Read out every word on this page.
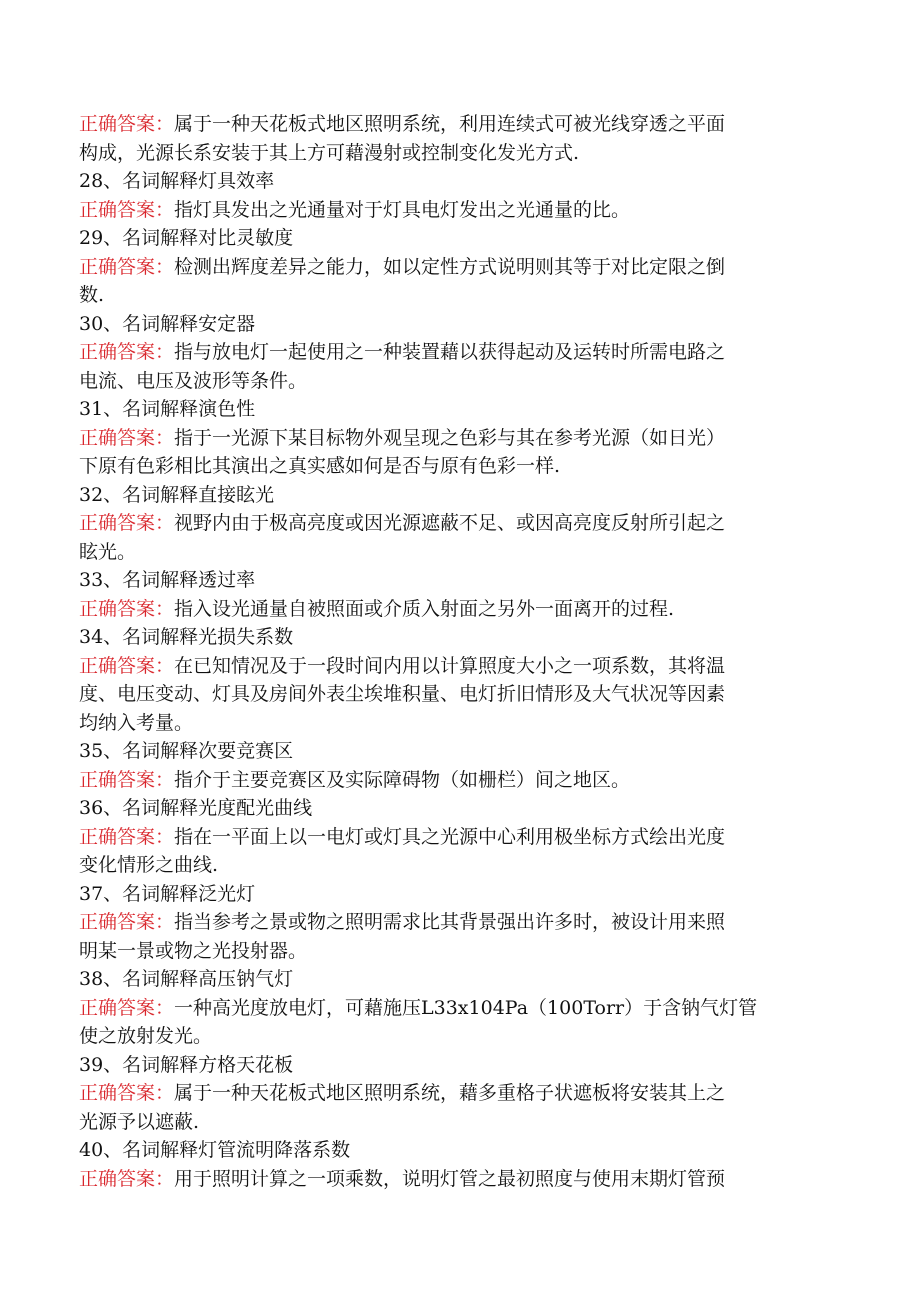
正确答案：属于一种天花板式地区照明系统，利用连续式可被光线穿透之平面
构成，光源长系安装于其上方可藉漫射或控制变化发光方式.
28、名词解释灯具效率
正确答案：指灯具发出之光通量对于灯具电灯发出之光通量的比。
29、名词解释对比灵敏度
正确答案：检测出辉度差异之能力，如以定性方式说明则其等于对比定限之倒
数.
30、名词解释安定器
正确答案：指与放电灯一起使用之一种装置藉以获得起动及运转时所需电路之
电流、电压及波形等条件。
31、名词解释演色性
正确答案：指于一光源下某目标物外观呈现之色彩与其在参考光源（如日光）
下原有色彩相比其演出之真实感如何是否与原有色彩一样.
32、名词解释直接眩光
正确答案：视野内由于极高亮度或因光源遮蔽不足、或因高亮度反射所引起之
眩光。
33、名词解释透过率
正确答案：指入设光通量自被照面或介质入射面之另外一面离开的过程.
34、名词解释光损失系数
正确答案：在已知情况及于一段时间内用以计算照度大小之一项系数，其将温
度、电压变动、灯具及房间外表尘埃堆积量、电灯折旧情形及大气状况等因素
均纳入考量。
35、名词解释次要竞赛区
正确答案：指介于主要竞赛区及实际障碍物（如栅栏）间之地区。
36、名词解释光度配光曲线
正确答案：指在一平面上以一电灯或灯具之光源中心利用极坐标方式绘出光度
变化情形之曲线.
37、名词解释泛光灯
正确答案：指当参考之景或物之照明需求比其背景强出许多时，被设计用来照
明某一景或物之光投射器。
38、名词解释高压钠气灯
正确答案：一种高光度放电灯，可藉施压L33x104Pa（100Torr）于含钠气灯管
使之放射发光。
39、名词解释方格天花板
正确答案：属于一种天花板式地区照明系统，藉多重格子状遮板将安装其上之
光源予以遮蔽.
40、名词解释灯管流明降落系数
正确答案：用于照明计算之一项乘数，说明灯管之最初照度与使用末期灯管预
